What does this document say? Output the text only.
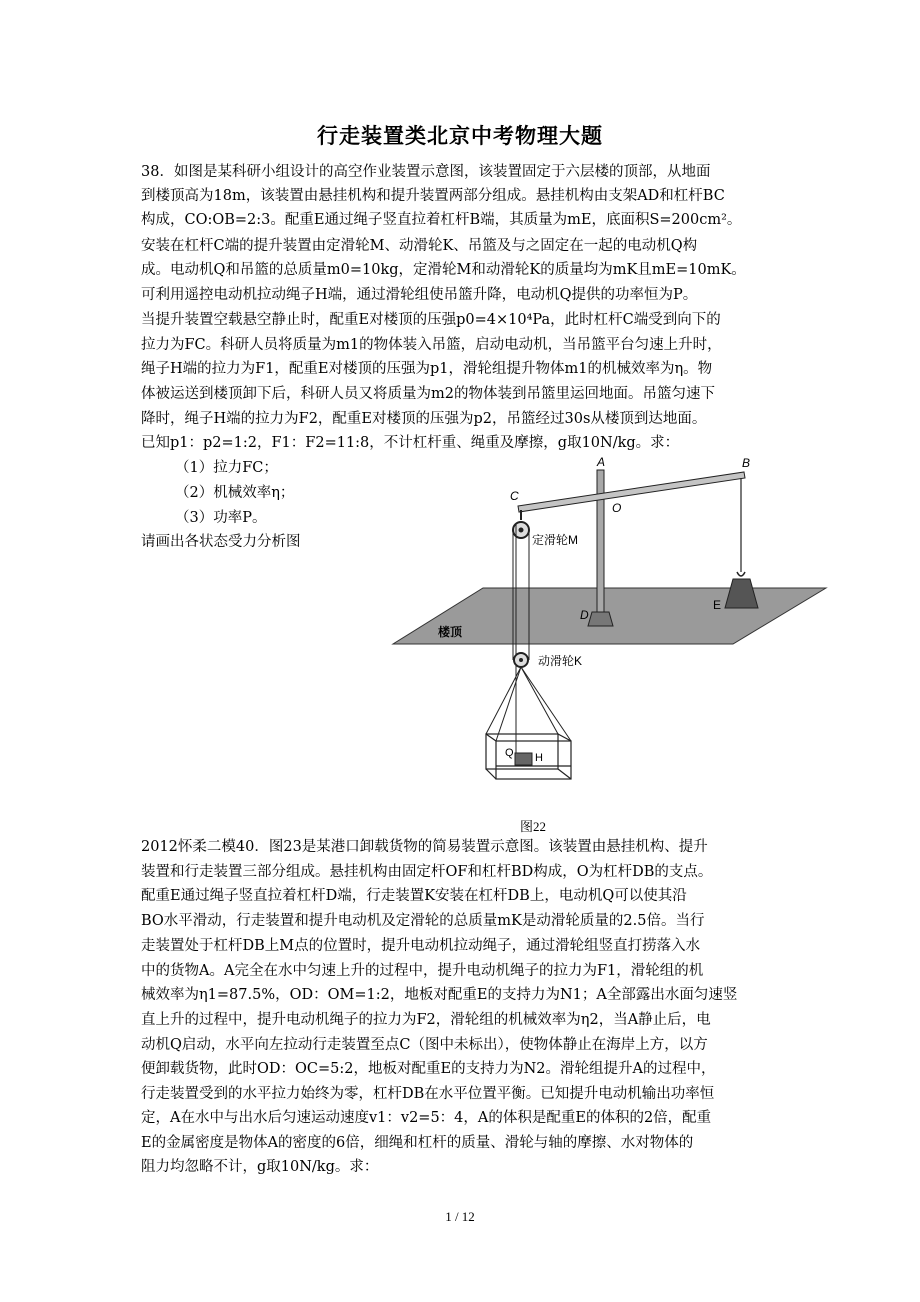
行走装置类北京中考物理大题
38．如图是某科研小组设计的高空作业装置示意图，该装置固定于六层楼的顶部，从地面
到楼顶高为18m，该装置由悬挂机构和提升装置两部分组成。悬挂机构由支架AD和杠杆BC
构成，CO:OB=2:3。配重E通过绳子竖直拉着杠杆B端，其质量为mE，底面积S=200cm²。
安装在杠杆C端的提升装置由定滑轮M、动滑轮K、吊篮及与之固定在一起的电动机Q构
成。电动机Q和吊篮的总质量m0=10kg，定滑轮M和动滑轮K的质量均为mK且mE=10mK。
可利用遥控电动机拉动绳子H端，通过滑轮组使吊篮升降，电动机Q提供的功率恒为P。
当提升装置空载悬空静止时，配重E对楼顶的压强p0=4×10⁴Pa，此时杠杆C端受到向下的
拉力为FC。科研人员将质量为m1的物体装入吊篮，启动电动机，当吊篮平台匀速上升时，
绳子H端的拉力为F1，配重E对楼顶的压强为p1，滑轮组提升物体m1的机械效率为η。物
体被运送到楼顶卸下后，科研人员又将质量为m2的物体装到吊篮里运回地面。吊篮匀速下
降时，绳子H端的拉力为F2，配重E对楼顶的压强为p2，吊篮经过30s从楼顶到达地面。
已知p1：p2=1:2，F1：F2=11:8，不计杠杆重、绳重及摩擦，g取10N/kg。求：
（1）拉力FC；
（2）机械效率η；
（3）功率P。
请画出各状态受力分析图
楼顶
A
D
B
C
O
E
定滑轮M
动滑轮K
Q H
图22
2012怀柔二模40．图23是某港口卸载货物的简易装置示意图。该装置由悬挂机构、提升
装置和行走装置三部分组成。悬挂机构由固定杆OF和杠杆BD构成，O为杠杆DB的支点。
配重E通过绳子竖直拉着杠杆D端，行走装置K安装在杠杆DB上，电动机Q可以使其沿
BO水平滑动，行走装置和提升电动机及定滑轮的总质量mK是动滑轮质量的2.5倍。当行
走装置处于杠杆DB上M点的位置时，提升电动机拉动绳子，通过滑轮组竖直打捞落入水
中的货物A。A完全在水中匀速上升的过程中，提升电动机绳子的拉力为F1，滑轮组的机
械效率为η1=87.5%，OD：OM=1:2，地板对配重E的支持力为N1；A全部露出水面匀速竖
直上升的过程中，提升电动机绳子的拉力为F2，滑轮组的机械效率为η2，当A静止后，电
动机Q启动，水平向左拉动行走装置至点C（图中未标出），使物体静止在海岸上方，以方
便卸载货物，此时OD：OC=5:2，地板对配重E的支持力为N2。滑轮组提升A的过程中，
行走装置受到的水平拉力始终为零，杠杆DB在水平位置平衡。已知提升电动机输出功率恒
定，A在水中与出水后匀速运动速度v1：v2=5：4，A的体积是配重E的体积的2倍，配重
E的金属密度是物体A的密度的6倍，细绳和杠杆的质量、滑轮与轴的摩擦、水对物体的
阻力均忽略不计，g取10N/kg。求：
1 / 12
